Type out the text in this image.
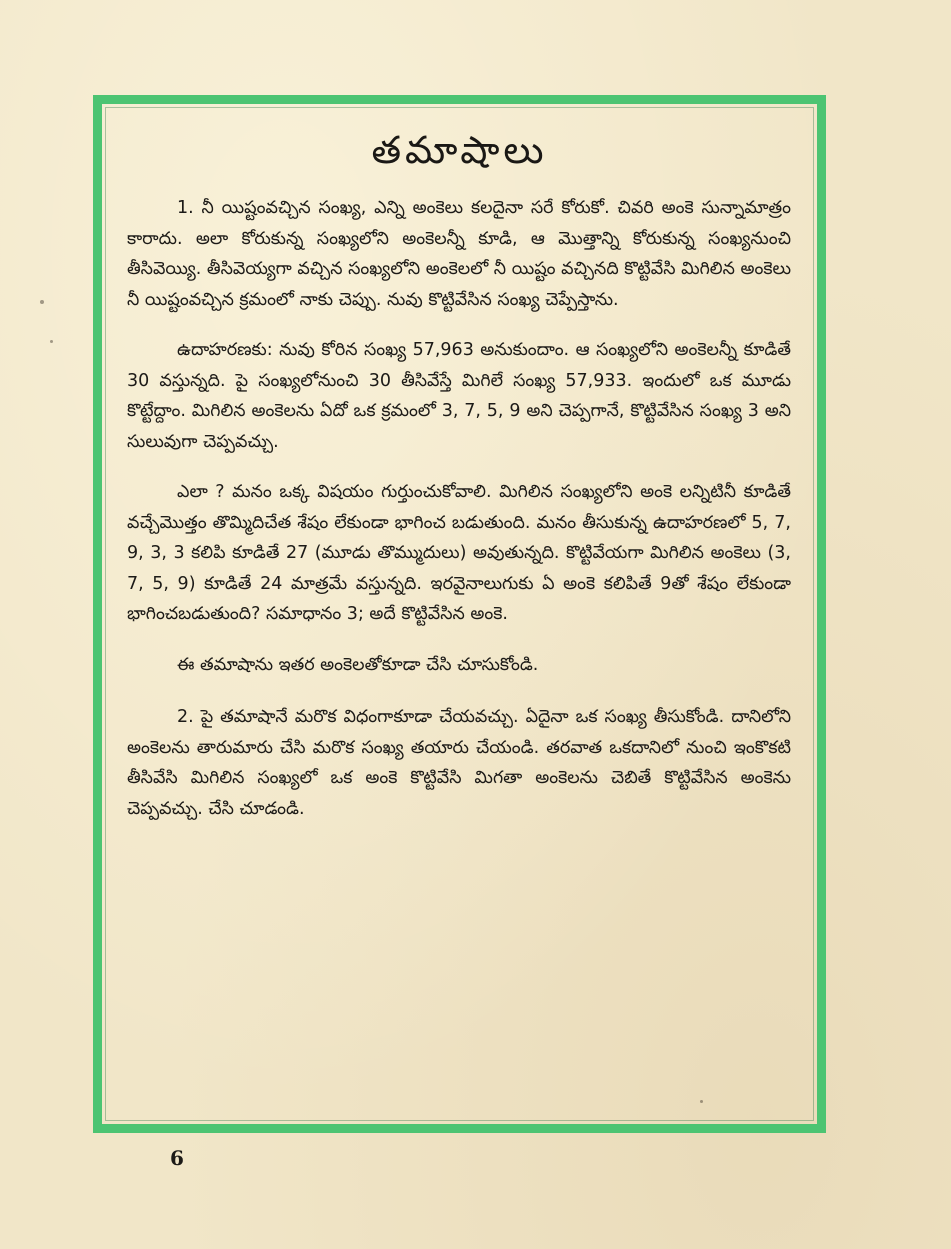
తమాషాలు

1. నీ యిష్టంవచ్చిన సంఖ్య, ఎన్ని అంకెలు కలదైనా సరే కోరుకో. చివరి అంకె సున్నామాత్రం కారాదు. అలా కోరుకున్న సంఖ్యలోని అంకెలన్నీ కూడి, ఆ మొత్తాన్ని కోరుకున్న సంఖ్యనుంచి తీసివెయ్యి. తీసివెయ్యగా వచ్చిన సంఖ్యలోని అంకెలలో నీ యిష్టం వచ్చినది కొట్టివేసి మిగిలిన అంకెలు నీ యిష్టంవచ్చిన క్రమంలో నాకు చెప్పు. నువు కొట్టివేసిన సంఖ్య చెప్పేస్తాను.

ఉదాహరణకు: నువు కోరిన సంఖ్య 57,963 అనుకుందాం. ఆ సంఖ్యలోని అంకెలన్నీ కూడితే 30 వస్తున్నది. పై సంఖ్యలోనుంచి 30 తీసివేస్తే మిగిలే సంఖ్య 57,933. ఇందులో ఒక మూడు కొట్టేద్దాం. మిగిలిన అంకెలను ఏదో ఒక క్రమంలో 3, 7, 5, 9 అని చెప్పగానే, కొట్టివేసిన సంఖ్య 3 అని సులువుగా చెప్పవచ్చు.

ఎలా ? మనం ఒక్క విషయం గుర్తుంచుకోవాలి. మిగిలిన సంఖ్యలోని అంకె లన్నిటినీ కూడితే వచ్చేమొత్తం తొమ్మిదిచేత శేషం లేకుండా భాగించ బడుతుంది. మనం తీసుకున్న ఉదాహరణలో 5, 7, 9, 3, 3 కలిపి కూడితే 27 (మూడు తొమ్ముదులు) అవుతున్నది. కొట్టివేయగా మిగిలిన అంకెలు (3, 7, 5, 9) కూడితే 24 మాత్రమే వస్తున్నది. ఇరవైనాలుగుకు ఏ అంకె కలిపితే 9తో శేషం లేకుండా భాగించబడుతుంది? సమాధానం 3; అదే కొట్టివేసిన అంకె.

ఈ తమాషాను ఇతర అంకెలతోకూడా చేసి చూసుకోండి.

2. పై తమాషానే మరొక విధంగాకూడా చేయవచ్చు. ఏదైనా ఒక సంఖ్య తీసుకోండి. దానిలోని అంకెలను తారుమారు చేసి మరొక సంఖ్య తయారు చేయండి. తరవాత ఒకదానిలో నుంచి ఇంకొకటి తీసివేసి మిగిలిన సంఖ్యలో ఒక అంకె కొట్టివేసి మిగతా అంకెలను చెబితే కొట్టివేసిన అంకెను చెప్పవచ్చు. చేసి చూడండి.

6
